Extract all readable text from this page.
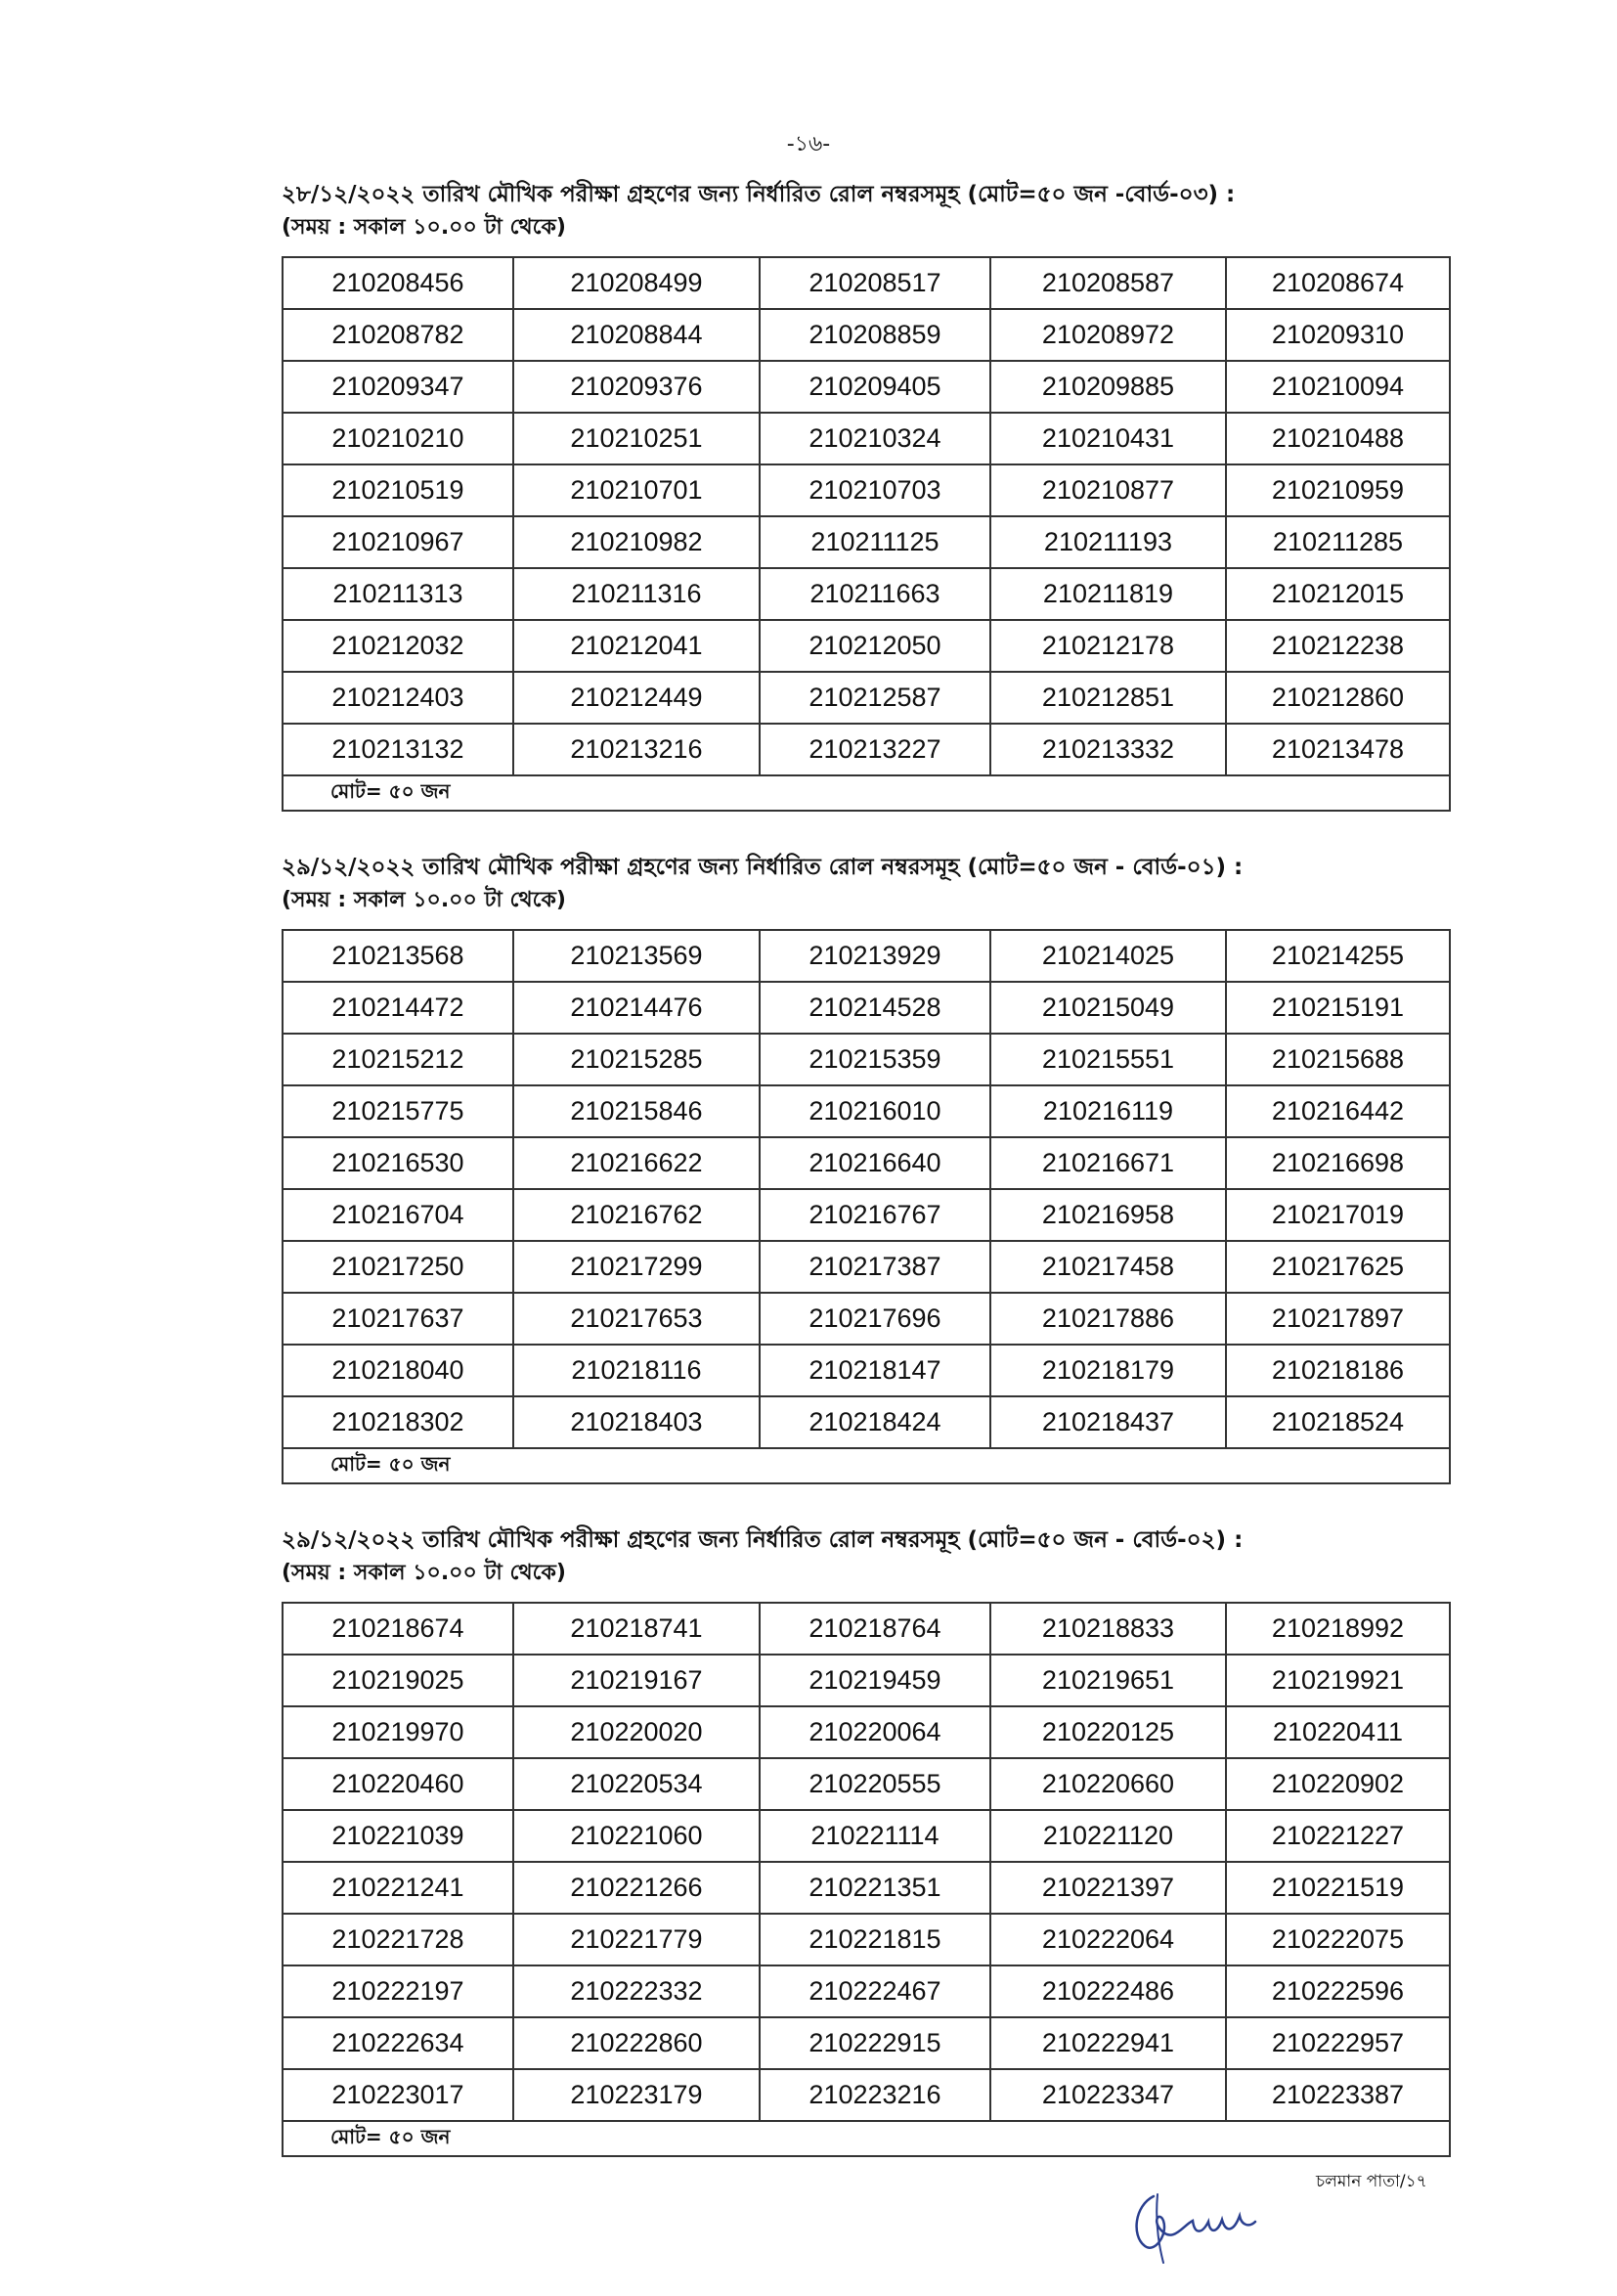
-১৬-
২৮/১২/২০২২ তারিখ মৌখিক পরীক্ষা গ্রহণের জন্য নির্ধারিত রোল নম্বরসমূহ (মোট=৫০ জন -বোর্ড-০৩) :
(সময় : সকাল ১০.০০ টা থেকে)
210208456	210208499	210208517	210208587	210208674
210208782	210208844	210208859	210208972	210209310
210209347	210209376	210209405	210209885	210210094
210210210	210210251	210210324	210210431	210210488
210210519	210210701	210210703	210210877	210210959
210210967	210210982	210211125	210211193	210211285
210211313	210211316	210211663	210211819	210212015
210212032	210212041	210212050	210212178	210212238
210212403	210212449	210212587	210212851	210212860
210213132	210213216	210213227	210213332	210213478
মোট= ৫০ জন				
২৯/১২/২০২২ তারিখ মৌখিক পরীক্ষা গ্রহণের জন্য নির্ধারিত রোল নম্বরসমূহ (মোট=৫০ জন - বোর্ড-০১) :
(সময় : সকাল ১০.০০ টা থেকে)
210213568	210213569	210213929	210214025	210214255
210214472	210214476	210214528	210215049	210215191
210215212	210215285	210215359	210215551	210215688
210215775	210215846	210216010	210216119	210216442
210216530	210216622	210216640	210216671	210216698
210216704	210216762	210216767	210216958	210217019
210217250	210217299	210217387	210217458	210217625
210217637	210217653	210217696	210217886	210217897
210218040	210218116	210218147	210218179	210218186
210218302	210218403	210218424	210218437	210218524
মোট= ৫০ জন				
২৯/১২/২০২২ তারিখ মৌখিক পরীক্ষা গ্রহণের জন্য নির্ধারিত রোল নম্বরসমূহ (মোট=৫০ জন - বোর্ড-০২) :
(সময় : সকাল ১০.০০ টা থেকে)
210218674	210218741	210218764	210218833	210218992
210219025	210219167	210219459	210219651	210219921
210219970	210220020	210220064	210220125	210220411
210220460	210220534	210220555	210220660	210220902
210221039	210221060	210221114	210221120	210221227
210221241	210221266	210221351	210221397	210221519
210221728	210221779	210221815	210222064	210222075
210222197	210222332	210222467	210222486	210222596
210222634	210222860	210222915	210222941	210222957
210223017	210223179	210223216	210223347	210223387
মোট= ৫০ জন				
চলমান পাতা/১৭
